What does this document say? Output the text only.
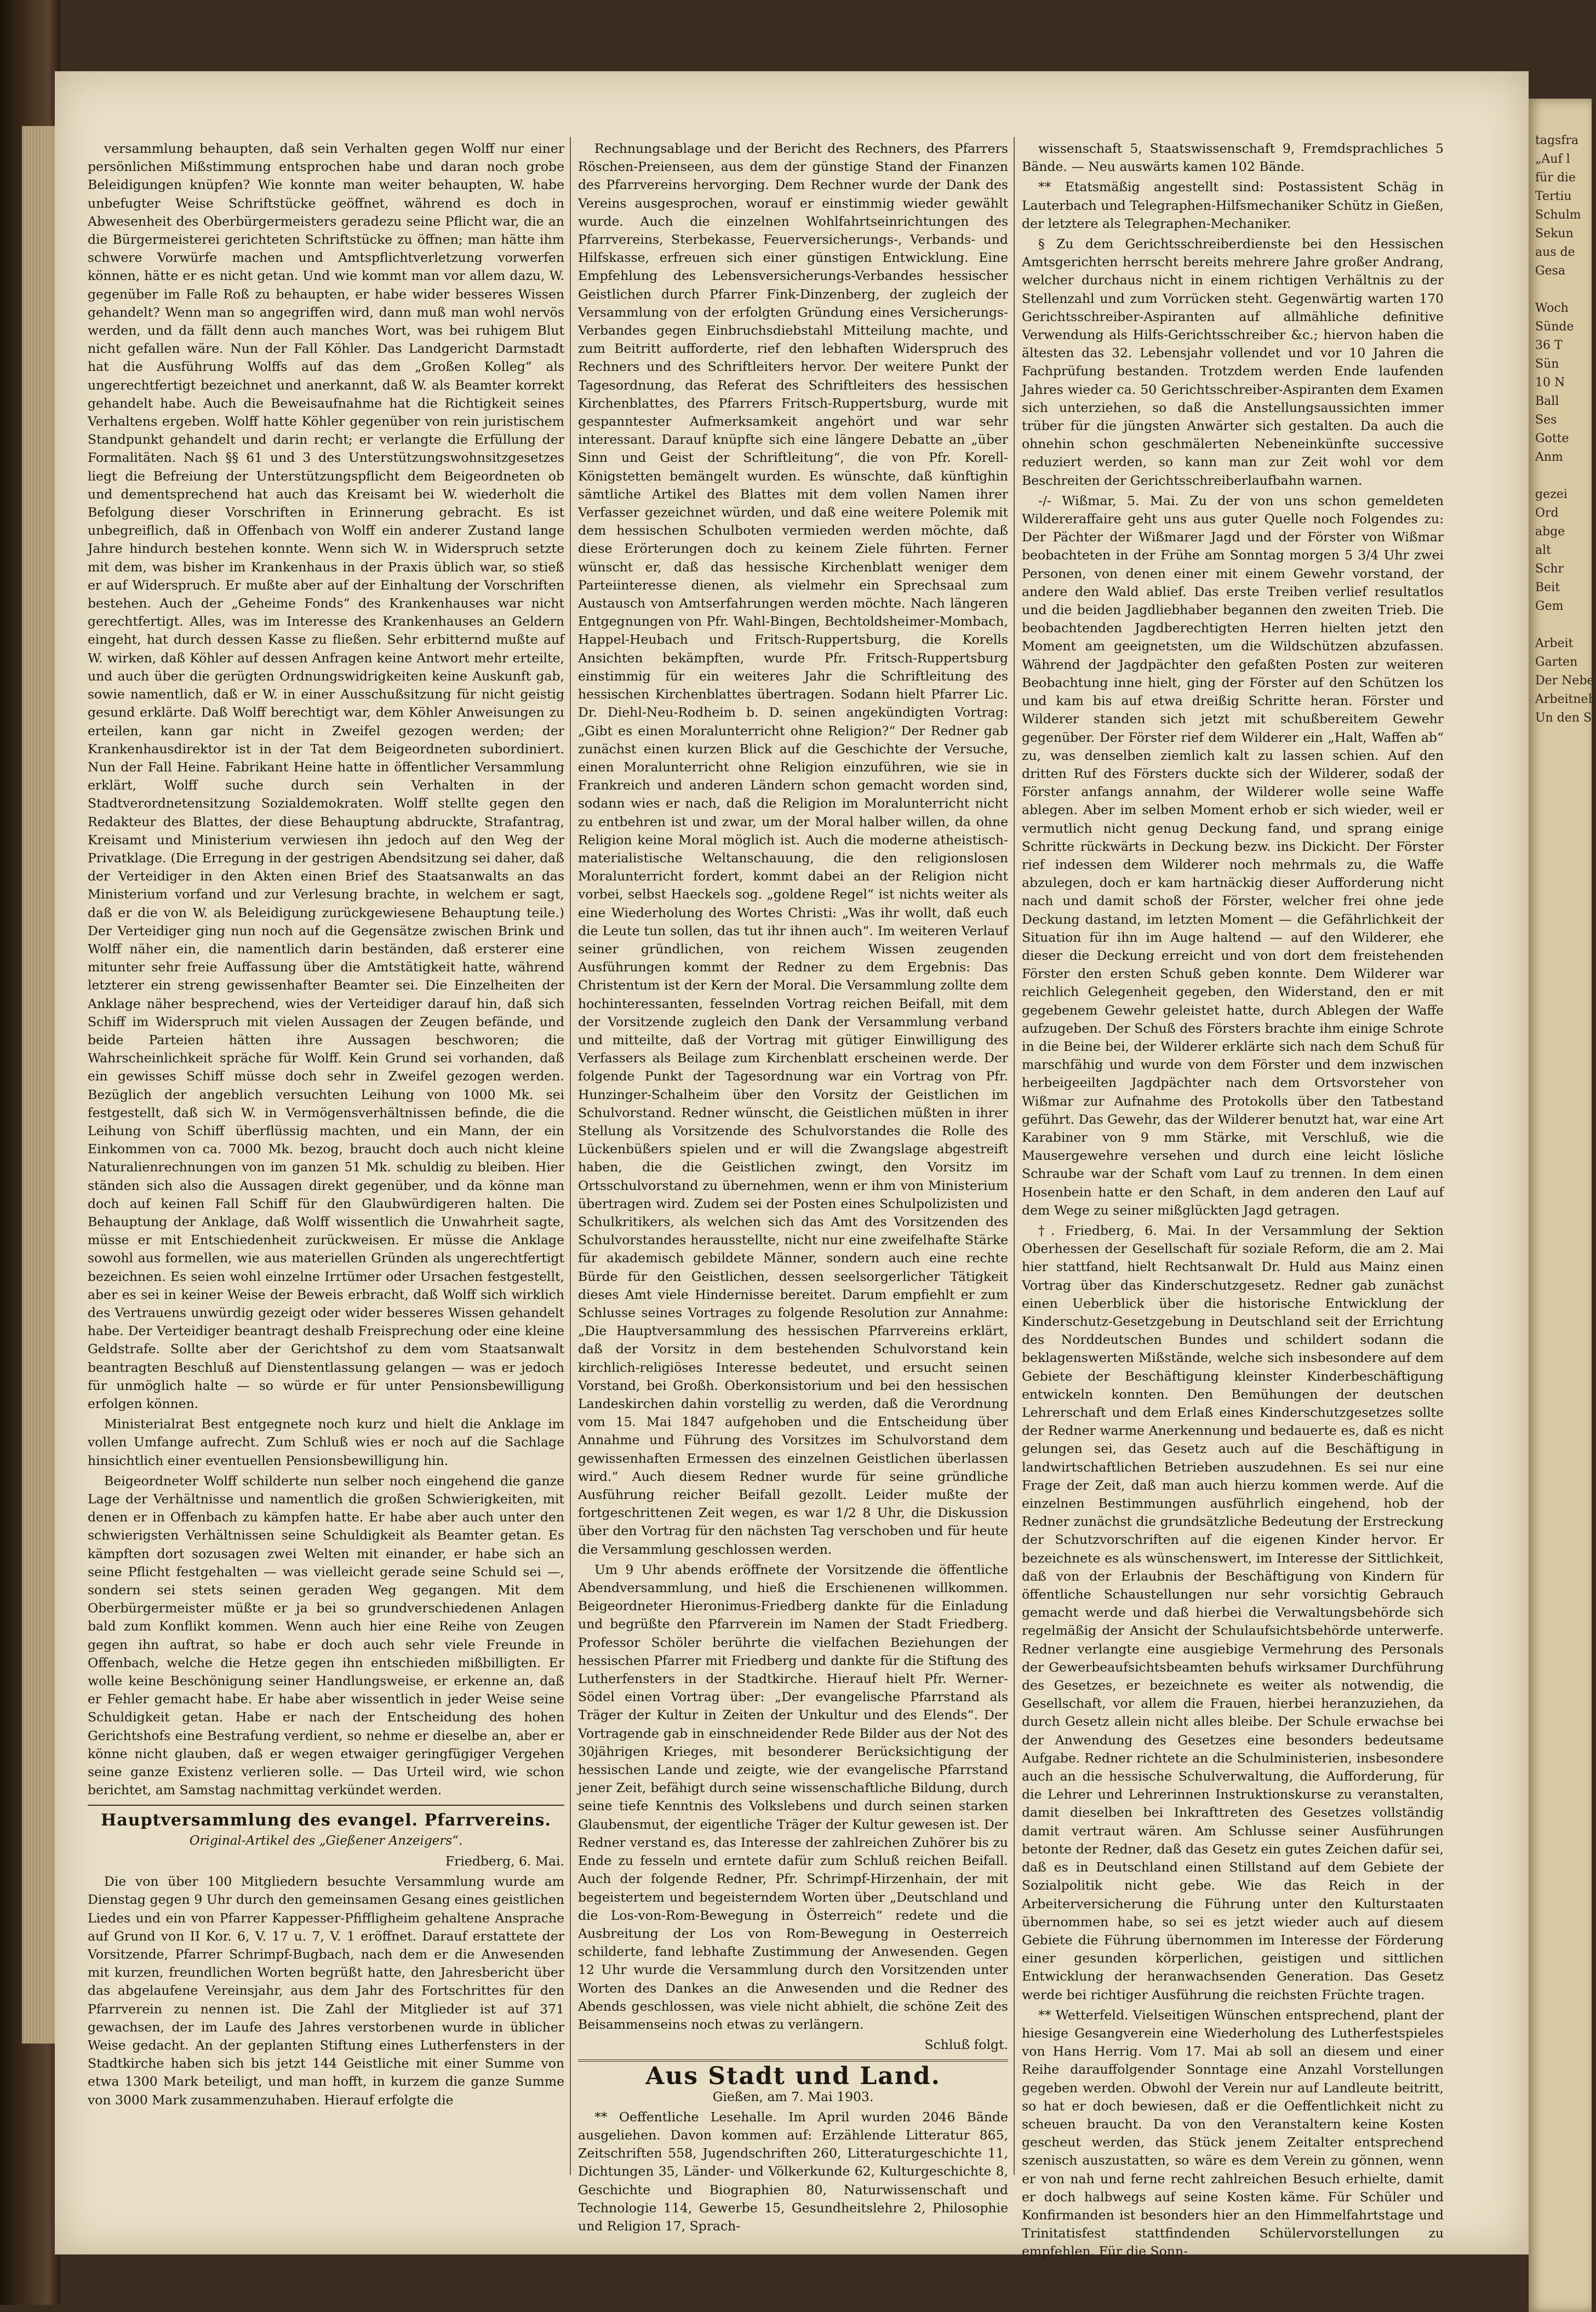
versammlung behaupten, daß sein Verhalten gegen Wolff nur einer persönlichen Mißstimmung entsprochen habe und daran noch grobe Beleidigungen knüpfen? Wie konnte man weiter behaupten, W. habe unbefugter Weise Schriftstücke geöffnet, während es doch in Abwesenheit des Oberbürgermeisters geradezu seine Pflicht war, die an die Bürgermeisterei gerichteten Schriftstücke zu öffnen; man hätte ihm schwere Vorwürfe machen und Amtspflichtverletzung vorwerfen können, hätte er es nicht getan. Und wie kommt man vor allem dazu, W. gegenüber im Falle Roß zu behaupten, er habe wider besseres Wissen gehandelt? Wenn man so angegriffen wird, dann muß man wohl nervös werden, und da fällt denn auch manches Wort, was bei ruhigem Blut nicht gefallen wäre. Nun der Fall Köhler. Das Landgericht Darmstadt hat die Ausführung Wolffs auf das dem „Großen Kolleg“ als ungerechtfertigt bezeichnet und anerkannt, daß W. als Beamter korrekt gehandelt habe. Auch die Beweisaufnahme hat die Richtigkeit seines Verhaltens ergeben. Wolff hatte Köhler gegenüber von rein juristischem Standpunkt gehandelt und darin recht; er verlangte die Erfüllung der Formalitäten. Nach §§ 61 und 3 des Unterstützungswohnsitzgesetzes liegt die Befreiung der Unterstützungspflicht dem Beigeordneten ob und dementsprechend hat auch das Kreisamt bei W. wiederholt die Befolgung dieser Vorschriften in Erinnerung gebracht. Es ist unbegreiflich, daß in Offenbach von Wolff ein anderer Zustand lange Jahre hindurch bestehen konnte. Wenn sich W. in Widerspruch setzte mit dem, was bisher im Krankenhaus in der Praxis üblich war, so stieß er auf Widerspruch. Er mußte aber auf der Einhaltung der Vorschriften bestehen. Auch der „Geheime Fonds“ des Krankenhauses war nicht gerechtfertigt. Alles, was im Interesse des Krankenhauses an Geldern eingeht, hat durch dessen Kasse zu fließen. Sehr erbitternd mußte auf W. wirken, daß Köhler auf dessen Anfragen keine Antwort mehr erteilte, und auch über die gerügten Ordnungswidrigkeiten keine Auskunft gab, sowie namentlich, daß er W. in einer Ausschußsitzung für nicht geistig gesund erklärte. Daß Wolff berechtigt war, dem Köhler Anweisungen zu erteilen, kann gar nicht in Zweifel gezogen werden; der Krankenhausdirektor ist in der Tat dem Beigeordneten subordiniert. Nun der Fall Heine. Fabrikant Heine hatte in öffentlicher Versammlung erklärt, Wolff suche durch sein Verhalten in der Stadtverordnetensitzung Sozialdemokraten. Wolff stellte gegen den Redakteur des Blattes, der diese Behauptung abdruckte, Strafantrag, Kreisamt und Ministerium verwiesen ihn jedoch auf den Weg der Privatklage. (Die Erregung in der gestrigen Abendsitzung sei daher, daß der Verteidiger in den Akten einen Brief des Staatsanwalts an das Ministerium vorfand und zur Verlesung brachte, in welchem er sagt, daß er die von W. als Beleidigung zurückgewiesene Behauptung teile.) Der Verteidiger ging nun noch auf die Gegensätze zwischen Brink und Wolff näher ein, die namentlich darin beständen, daß ersterer eine mitunter sehr freie Auffassung über die Amtstätigkeit hatte, während letzterer ein streng gewissenhafter Beamter sei. Die Einzelheiten der Anklage näher besprechend, wies der Verteidiger darauf hin, daß sich Schiff im Widerspruch mit vielen Aussagen der Zeugen befände, und beide Parteien hätten ihre Aussagen beschworen; die Wahrscheinlichkeit spräche für Wolff. Kein Grund sei vorhanden, daß ein gewisses Schiff müsse doch sehr in Zweifel gezogen werden. Bezüglich der angeblich versuchten Leihung von 1000 Mk. sei festgestellt, daß sich W. in Vermögensverhältnissen befinde, die die Leihung von Schiff überflüssig machten, und ein Mann, der ein Einkommen von ca. 7000 Mk. bezog, braucht doch auch nicht kleine Naturalienrechnungen von im ganzen 51 Mk. schuldig zu bleiben. Hier ständen sich also die Aussagen direkt gegenüber, und da könne man doch auf keinen Fall Schiff für den Glaubwürdigeren halten. Die Behauptung der Anklage, daß Wolff wissentlich die Unwahrheit sagte, müsse er mit Entschiedenheit zurückweisen. Er müsse die Anklage sowohl aus formellen, wie aus materiellen Gründen als ungerechtfertigt bezeichnen. Es seien wohl einzelne Irrtümer oder Ursachen festgestellt, aber es sei in keiner Weise der Beweis erbracht, daß Wolff sich wirklich des Vertrauens unwürdig gezeigt oder wider besseres Wissen gehandelt habe. Der Verteidiger beantragt deshalb Freisprechung oder eine kleine Geldstrafe. Sollte aber der Gerichtshof zu dem vom Staatsanwalt beantragten Beschluß auf Dienstentlassung gelangen — was er jedoch für unmöglich halte — so würde er für unter Pensionsbewilligung erfolgen können.

Ministerialrat Best entgegnete noch kurz und hielt die Anklage im vollen Umfange aufrecht. Zum Schluß wies er noch auf die Sachlage hinsichtlich einer eventuellen Pensionsbewilligung hin.

Beigeordneter Wolff schilderte nun selber noch eingehend die ganze Lage der Verhältnisse und namentlich die großen Schwierigkeiten, mit denen er in Offenbach zu kämpfen hatte. Er habe aber auch unter den schwierigsten Verhältnissen seine Schuldigkeit als Beamter getan. Es kämpften dort sozusagen zwei Welten mit einander, er habe sich an seine Pflicht festgehalten — was vielleicht gerade seine Schuld sei —, sondern sei stets seinen geraden Weg gegangen. Mit dem Oberbürgermeister müßte er ja bei so grundverschiedenen Anlagen bald zum Konflikt kommen. Wenn auch hier eine Reihe von Zeugen gegen ihn auftrat, so habe er doch auch sehr viele Freunde in Offenbach, welche die Hetze gegen ihn entschieden mißbilligten. Er wolle keine Beschönigung seiner Handlungsweise, er erkenne an, daß er Fehler gemacht habe. Er habe aber wissentlich in jeder Weise seine Schuldigkeit getan. Habe er nach der Entscheidung des hohen Gerichtshofs eine Bestrafung verdient, so nehme er dieselbe an, aber er könne nicht glauben, daß er wegen etwaiger geringfügiger Vergehen seine ganze Existenz verlieren solle. — Das Urteil wird, wie schon berichtet, am Samstag nachmittag verkündet werden.

Hauptversammlung des evangel. Pfarrvereins.

Original-Artikel des „Gießener Anzeigers“.

Friedberg, 6. Mai.

Die von über 100 Mitgliedern besuchte Versammlung wurde am Dienstag gegen 9 Uhr durch den gemeinsamen Gesang eines geistlichen Liedes und ein von Pfarrer Kappesser-Pfiffligheim gehaltene Ansprache auf Grund von II Kor. 6, V. 17 u. 7, V. 1 eröffnet. Darauf erstattete der Vorsitzende, Pfarrer Schrimpf-Bugbach, nach dem er die Anwesenden mit kurzen, freundlichen Worten begrüßt hatte, den Jahresbericht über das abgelaufene Vereinsjahr, aus dem Jahr des Fortschrittes für den Pfarrverein zu nennen ist. Die Zahl der Mitglieder ist auf 371 gewachsen, der im Laufe des Jahres verstorbenen wurde in üblicher Weise gedacht. An der geplanten Stiftung eines Lutherfensters in der Stadtkirche haben sich bis jetzt 144 Geistliche mit einer Summe von etwa 1300 Mark beteiligt, und man hofft, in kurzem die ganze Summe von 3000 Mark zusammenzuhaben. Hierauf erfolgte die

Rechnungsablage und der Bericht des Rechners, des Pfarrers Röschen-Preienseen, aus dem der günstige Stand der Finanzen des Pfarrvereins hervorging. Dem Rechner wurde der Dank des Vereins ausgesprochen, worauf er einstimmig wieder gewählt wurde. Auch die einzelnen Wohlfahrtseinrichtungen des Pfarrvereins, Sterbekasse, Feuerversicherungs-, Verbands- und Hilfskasse, erfreuen sich einer günstigen Entwicklung. Eine Empfehlung des Lebensversicherungs-Verbandes hessischer Geistlichen durch Pfarrer Fink-Dinzenberg, der zugleich der Versammlung von der erfolgten Gründung eines Versicherungs-Verbandes gegen Einbruchsdiebstahl Mitteilung machte, und zum Beitritt aufforderte, rief den lebhaften Widerspruch des Rechners und des Schriftleiters hervor. Der weitere Punkt der Tagesordnung, das Referat des Schriftleiters des hessischen Kirchenblattes, des Pfarrers Fritsch-Ruppertsburg, wurde mit gespanntester Aufmerksamkeit angehört und war sehr interessant. Darauf knüpfte sich eine längere Debatte an „über Sinn und Geist der Schriftleitung“, die von Pfr. Korell-Königstetten bemängelt wurden. Es wünschte, daß künftighin sämtliche Artikel des Blattes mit dem vollen Namen ihrer Verfasser gezeichnet würden, und daß eine weitere Polemik mit dem hessischen Schulboten vermieden werden möchte, daß diese Erörterungen doch zu keinem Ziele führten. Ferner wünscht er, daß das hessische Kirchenblatt weniger dem Parteiinteresse dienen, als vielmehr ein Sprechsaal zum Austausch von Amtserfahrungen werden möchte. Nach längeren Entgegnungen von Pfr. Wahl-Bingen, Bechtoldsheimer-Mombach, Happel-Heubach und Fritsch-Ruppertsburg, die Korells Ansichten bekämpften, wurde Pfr. Fritsch-Ruppertsburg einstimmig für ein weiteres Jahr die Schriftleitung des hessischen Kirchenblattes übertragen. Sodann hielt Pfarrer Lic. Dr. Diehl-Neu-Rodheim b. D. seinen angekündigten Vortrag: „Gibt es einen Moralunterricht ohne Religion?“ Der Redner gab zunächst einen kurzen Blick auf die Geschichte der Versuche, einen Moralunterricht ohne Religion einzuführen, wie sie in Frankreich und anderen Ländern schon gemacht worden sind, sodann wies er nach, daß die Religion im Moralunterricht nicht zu entbehren ist und zwar, um der Moral halber willen, da ohne Religion keine Moral möglich ist. Auch die moderne atheistisch-materialistische Weltanschauung, die den religionslosen Moralunterricht fordert, kommt dabei an der Religion nicht vorbei, selbst Haeckels sog. „goldene Regel“ ist nichts weiter als eine Wiederholung des Wortes Christi: „Was ihr wollt, daß euch die Leute tun sollen, das tut ihr ihnen auch“. Im weiteren Verlauf seiner gründlichen, von reichem Wissen zeugenden Ausführungen kommt der Redner zu dem Ergebnis: Das Christentum ist der Kern der Moral. Die Versammlung zollte dem hochinteressanten, fesselnden Vortrag reichen Beifall, mit dem der Vorsitzende zugleich den Dank der Versammlung verband und mitteilte, daß der Vortrag mit gütiger Einwilligung des Verfassers als Beilage zum Kirchenblatt erscheinen werde. Der folgende Punkt der Tagesordnung war ein Vortrag von Pfr. Hunzinger-Schalheim über den Vorsitz der Geistlichen im Schulvorstand. Redner wünscht, die Geistlichen müßten in ihrer Stellung als Vorsitzende des Schulvorstandes die Rolle des Lückenbüßers spielen und er will die Zwangslage abgestreift haben, die die Geistlichen zwingt, den Vorsitz im Ortsschulvorstand zu übernehmen, wenn er ihm von Ministerium übertragen wird. Zudem sei der Posten eines Schulpolizisten und Schulkritikers, als welchen sich das Amt des Vorsitzenden des Schulvorstandes herausstellte, nicht nur eine zweifelhafte Stärke für akademisch gebildete Männer, sondern auch eine rechte Bürde für den Geistlichen, dessen seelsorgerlicher Tätigkeit dieses Amt viele Hindernisse bereitet. Darum empfiehlt er zum Schlusse seines Vortrages zu folgende Resolution zur Annahme: „Die Hauptversammlung des hessischen Pfarrvereins erklärt, daß der Vorsitz in dem bestehenden Schulvorstand kein kirchlich-religiöses Interesse bedeutet, und ersucht seinen Vorstand, bei Großh. Oberkonsistorium und bei den hessischen Landeskirchen dahin vorstellig zu werden, daß die Verordnung vom 15. Mai 1847 aufgehoben und die Entscheidung über Annahme und Führung des Vorsitzes im Schulvorstand dem gewissenhaften Ermessen des einzelnen Geistlichen überlassen wird.“ Auch diesem Redner wurde für seine gründliche Ausführung reicher Beifall gezollt. Leider mußte der fortgeschrittenen Zeit wegen, es war 1/2 8 Uhr, die Diskussion über den Vortrag für den nächsten Tag verschoben und für heute die Versammlung geschlossen werden.

Um 9 Uhr abends eröffnete der Vorsitzende die öffentliche Abendversammlung, und hieß die Erschienenen willkommen. Beigeordneter Hieronimus-Friedberg dankte für die Einladung und begrüßte den Pfarrverein im Namen der Stadt Friedberg. Professor Schöler berührte die vielfachen Beziehungen der hessischen Pfarrer mit Friedberg und dankte für die Stiftung des Lutherfensters in der Stadtkirche. Hierauf hielt Pfr. Werner-Södel einen Vortrag über: „Der evangelische Pfarrstand als Träger der Kultur in Zeiten der Unkultur und des Elends“. Der Vortragende gab in einschneidender Rede Bilder aus der Not des 30jährigen Krieges, mit besonderer Berücksichtigung der hessischen Lande und zeigte, wie der evangelische Pfarrstand jener Zeit, befähigt durch seine wissenschaftliche Bildung, durch seine tiefe Kenntnis des Volkslebens und durch seinen starken Glaubensmut, der eigentliche Träger der Kultur gewesen ist. Der Redner verstand es, das Interesse der zahlreichen Zuhörer bis zu Ende zu fesseln und erntete dafür zum Schluß reichen Beifall. Auch der folgende Redner, Pfr. Schrimpf-Hirzenhain, der mit begeistertem und begeisterndem Worten über „Deutschland und die Los-von-Rom-Bewegung in Österreich“ redete und die Ausbreitung der Los von Rom-Bewegung in Oesterreich schilderte, fand lebhafte Zustimmung der Anwesenden. Gegen 12 Uhr wurde die Versammlung durch den Vorsitzenden unter Worten des Dankes an die Anwesenden und die Redner des Abends geschlossen, was viele nicht abhielt, die schöne Zeit des Beisammenseins noch etwas zu verlängern.

Schluß folgt.

Aus Stadt und Land.

Gießen, am 7. Mai 1903.

** Oeffentliche Lesehalle. Im April wurden 2046 Bände ausgeliehen. Davon kommen auf: Erzählende Litteratur 865, Zeitschriften 558, Jugendschriften 260, Litteraturgeschichte 11, Dichtungen 35, Länder- und Völkerkunde 62, Kulturgeschichte 8, Geschichte und Biographien 80, Naturwissenschaft und Technologie 114, Gewerbe 15, Gesundheitslehre 2, Philosophie und Religion 17, Sprach-

wissenschaft 5, Staatswissenschaft 9, Fremdsprachliches 5 Bände. — Neu auswärts kamen 102 Bände.

** Etatsmäßig angestellt sind: Postassistent Schäg in Lauterbach und Telegraphen-Hilfsmechaniker Schütz in Gießen, der letztere als Telegraphen-Mechaniker.

§ Zu dem Gerichtsschreiberdienste bei den Hessischen Amtsgerichten herrscht bereits mehrere Jahre großer Andrang, welcher durchaus nicht in einem richtigen Verhältnis zu der Stellenzahl und zum Vorrücken steht. Gegenwärtig warten 170 Gerichtsschreiber-Aspiranten auf allmähliche definitive Verwendung als Hilfs-Gerichtsschreiber &c.; hiervon haben die ältesten das 32. Lebensjahr vollendet und vor 10 Jahren die Fachprüfung bestanden. Trotzdem werden Ende laufenden Jahres wieder ca. 50 Gerichtsschreiber-Aspiranten dem Examen sich unterziehen, so daß die Anstellungsaussichten immer trüber für die jüngsten Anwärter sich gestalten. Da auch die ohnehin schon geschmälerten Nebeneinkünfte successive reduziert werden, so kann man zur Zeit wohl vor dem Beschreiten der Gerichtsschreiberlaufbahn warnen.

-/- Wißmar, 5. Mai. Zu der von uns schon gemeldeten Wildereraffaire geht uns aus guter Quelle noch Folgendes zu: Der Pächter der Wißmarer Jagd und der Förster von Wißmar beobachteten in der Frühe am Sonntag morgen 5 3/4 Uhr zwei Personen, von denen einer mit einem Gewehr vorstand, der andere den Wald ablief. Das erste Treiben verlief resultatlos und die beiden Jagdliebhaber begannen den zweiten Trieb. Die beobachtenden Jagdberechtigten Herren hielten jetzt den Moment am geeignetsten, um die Wildschützen abzufassen. Während der Jagdpächter den gefaßten Posten zur weiteren Beobachtung inne hielt, ging der Förster auf den Schützen los und kam bis auf etwa dreißig Schritte heran. Förster und Wilderer standen sich jetzt mit schußbereitem Gewehr gegenüber. Der Förster rief dem Wilderer ein „Halt, Waffen ab“ zu, was denselben ziemlich kalt zu lassen schien. Auf den dritten Ruf des Försters duckte sich der Wilderer, sodaß der Förster anfangs annahm, der Wilderer wolle seine Waffe ablegen. Aber im selben Moment erhob er sich wieder, weil er vermutlich nicht genug Deckung fand, und sprang einige Schritte rückwärts in Deckung bezw. ins Dickicht. Der Förster rief indessen dem Wilderer noch mehrmals zu, die Waffe abzulegen, doch er kam hartnäckig dieser Aufforderung nicht nach und damit schoß der Förster, welcher frei ohne jede Deckung dastand, im letzten Moment — die Gefährlichkeit der Situation für ihn im Auge haltend — auf den Wilderer, ehe dieser die Deckung erreicht und von dort dem freistehenden Förster den ersten Schuß geben konnte. Dem Wilderer war reichlich Gelegenheit gegeben, den Widerstand, den er mit gegebenem Gewehr geleistet hatte, durch Ablegen der Waffe aufzugeben. Der Schuß des Försters brachte ihm einige Schrote in die Beine bei, der Wilderer erklärte sich nach dem Schuß für marschfähig und wurde von dem Förster und dem inzwischen herbeigeeilten Jagdpächter nach dem Ortsvorsteher von Wißmar zur Aufnahme des Protokolls über den Tatbestand geführt. Das Gewehr, das der Wilderer benutzt hat, war eine Art Karabiner von 9 mm Stärke, mit Verschluß, wie die Mausergewehre versehen und durch eine leicht lösliche Schraube war der Schaft vom Lauf zu trennen. In dem einen Hosenbein hatte er den Schaft, in dem anderen den Lauf auf dem Wege zu seiner mißglückten Jagd getragen.

†. Friedberg, 6. Mai. In der Versammlung der Sektion Oberhessen der Gesellschaft für soziale Reform, die am 2. Mai hier stattfand, hielt Rechtsanwalt Dr. Huld aus Mainz einen Vortrag über das Kinderschutzgesetz. Redner gab zunächst einen Ueberblick über die historische Entwicklung der Kinderschutz-Gesetzgebung in Deutschland seit der Errichtung des Norddeutschen Bundes und schildert sodann die beklagenswerten Mißstände, welche sich insbesondere auf dem Gebiete der Beschäftigung kleinster Kinderbeschäftigung entwickeln konnten. Den Bemühungen der deutschen Lehrerschaft und dem Erlaß eines Kinderschutzgesetzes sollte der Redner warme Anerkennung und bedauerte es, daß es nicht gelungen sei, das Gesetz auch auf die Beschäftigung in landwirtschaftlichen Betrieben auszudehnen. Es sei nur eine Frage der Zeit, daß man auch hierzu kommen werde. Auf die einzelnen Bestimmungen ausführlich eingehend, hob der Redner zunächst die grundsätzliche Bedeutung der Erstreckung der Schutzvorschriften auf die eigenen Kinder hervor. Er bezeichnete es als wünschenswert, im Interesse der Sittlichkeit, daß von der Erlaubnis der Beschäftigung von Kindern für öffentliche Schaustellungen nur sehr vorsichtig Gebrauch gemacht werde und daß hierbei die Verwaltungsbehörde sich regelmäßig der Ansicht der Schulaufsichtsbehörde unterwerfe. Redner verlangte eine ausgiebige Vermehrung des Personals der Gewerbeaufsichtsbeamten behufs wirksamer Durchführung des Gesetzes, er bezeichnete es weiter als notwendig, die Gesellschaft, vor allem die Frauen, hierbei heranzuziehen, da durch Gesetz allein nicht alles bleibe. Der Schule erwachse bei der Anwendung des Gesetzes eine besonders bedeutsame Aufgabe. Redner richtete an die Schulministerien, insbesondere auch an die hessische Schulverwaltung, die Aufforderung, für die Lehrer und Lehrerinnen Instruktionskurse zu veranstalten, damit dieselben bei Inkrafttreten des Gesetzes vollständig damit vertraut wären. Am Schlusse seiner Ausführungen betonte der Redner, daß das Gesetz ein gutes Zeichen dafür sei, daß es in Deutschland einen Stillstand auf dem Gebiete der Sozialpolitik nicht gebe. Wie das Reich in der Arbeiterversicherung die Führung unter den Kulturstaaten übernommen habe, so sei es jetzt wieder auch auf diesem Gebiete die Führung übernommen im Interesse der Förderung einer gesunden körperlichen, geistigen und sittlichen Entwicklung der heranwachsenden Generation. Das Gesetz werde bei richtiger Ausführung die reichsten Früchte tragen.

** Wetterfeld. Vielseitigen Wünschen entsprechend, plant der hiesige Gesangverein eine Wiederholung des Lutherfestspieles von Hans Herrig. Vom 17. Mai ab soll an diesem und einer Reihe darauffolgender Sonntage eine Anzahl Vorstellungen gegeben werden. Obwohl der Verein nur auf Landleute beitritt, so hat er doch bewiesen, daß er die Oeffentlichkeit nicht zu scheuen braucht. Da von den Veranstaltern keine Kosten gescheut werden, das Stück jenem Zeitalter entsprechend szenisch auszustatten, so wäre es dem Verein zu gönnen, wenn er von nah und ferne recht zahlreichen Besuch erhielte, damit er doch halbwegs auf seine Kosten käme. Für Schüler und Konfirmanden ist besonders hier an den Himmelfahrtstage und Trinitatisfest stattfindenden Schülervorstellungen zu empfehlen. Für die Sonn-

tagsfra
„Auf l
für die
Tertiu
Schulm
Sekun
aus de
Gesa

Woch
Sünde
36 T
Sün
10 N
Ball
Ses
Gotte
Anm

gezei
Ord
abge
alt
Schr
Beit
Gem

Arbeit
Garten
Der Nebe
Arbeitneh
Un den S
